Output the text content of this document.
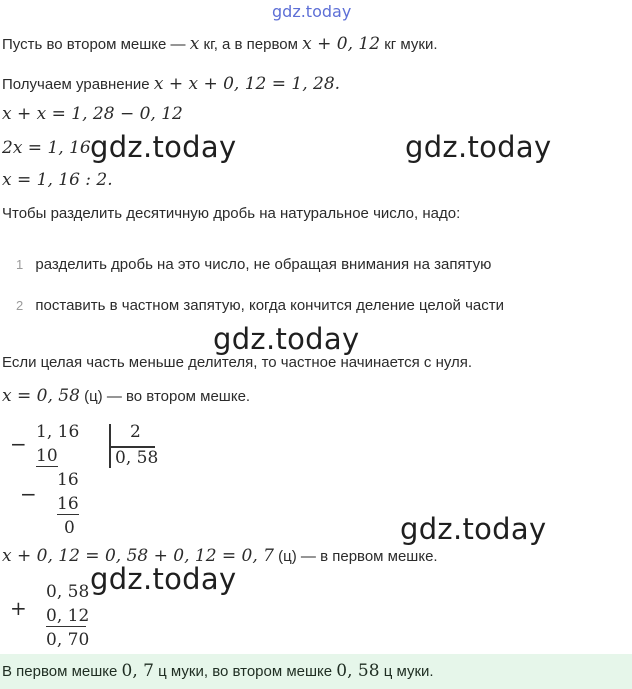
gdz.today
Пусть во втором мешке — x кг, а в первом x + 0, 12 кг муки.
Получаем уравнение x + x + 0, 12 = 1, 28.
x + x = 1, 28 − 0, 12
2x = 1, 16.
x = 1, 16 : 2.
gdz.today	gdz.today
Чтобы разделить десятичную дробь на натуральное число, надо:
1 разделить дробь на это число, не обращая внимания на запятую
2 поставить в частном запятую, когда кончится деление целой части
gdz.today
Если целая часть меньше делителя, то частное начинается с нуля.
x = 0, 58 (ц) — во втором мешке.
− 1, 16
10
2
0, 58
−
16
16
0	gdz.today
x + 0, 12 = 0, 58 + 0, 12 = 0, 7 (ц) — в первом мешке.
gdz.today
+
0, 58
0, 12
0, 70
В первом мешке 0, 7 ц муки, во втором мешке 0, 58 ц муки.
